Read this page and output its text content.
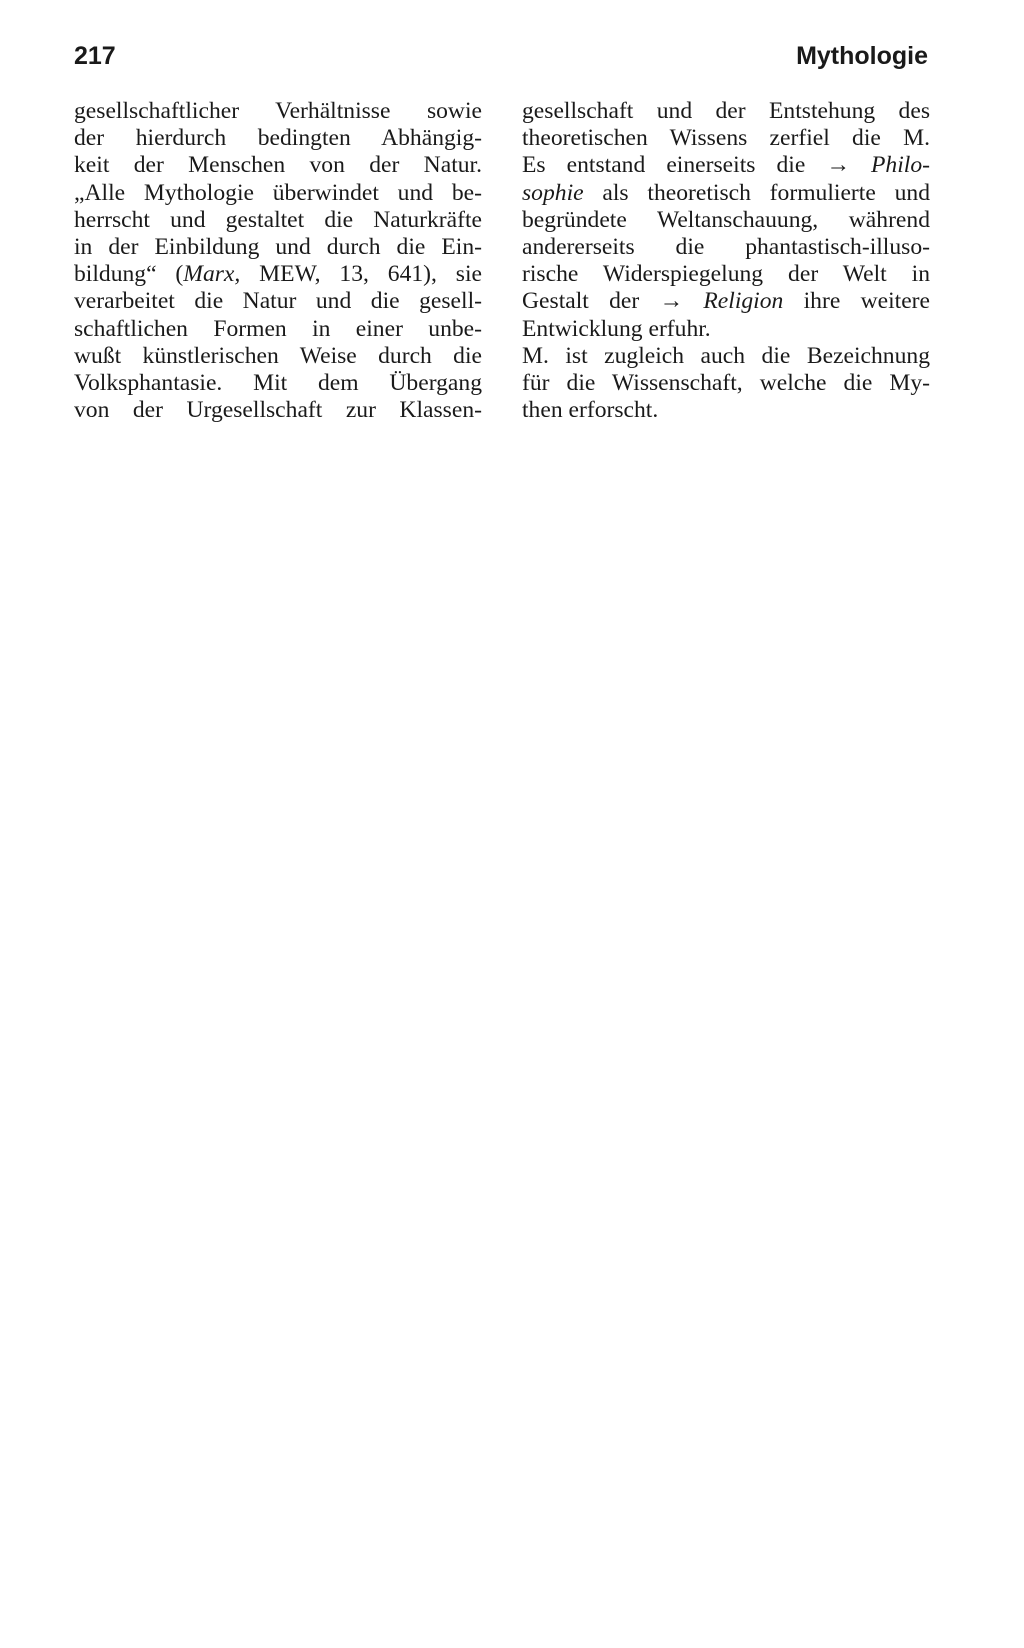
217	Mythologie
gesellschaftlicher Verhältnisse sowie
der hierdurch bedingten Abhängig-
keit der Menschen von der Natur.
„Alle Mythologie überwindet und be-
herrscht und gestaltet die Naturkräfte
in der Einbildung und durch die Ein-
bildung“ (Marx, MEW, 13, 641), sie
verarbeitet die Natur und die gesell-
schaftlichen Formen in einer unbe-
wußt künstlerischen Weise durch die
Volksphantasie. Mit dem Übergang
von der Urgesellschaft zur Klassen-
gesellschaft und der Entstehung des
theoretischen Wissens zerfiel die M.
Es entstand einerseits die → Philo-
sophie als theoretisch formulierte und
begründete Weltanschauung, während
andererseits die phantastisch-illuso-
rische Widerspiegelung der Welt in
Gestalt der → Religion ihre weitere
Entwicklung erfuhr.
M. ist zugleich auch die Bezeichnung
für die Wissenschaft, welche die My-
then erforscht.
